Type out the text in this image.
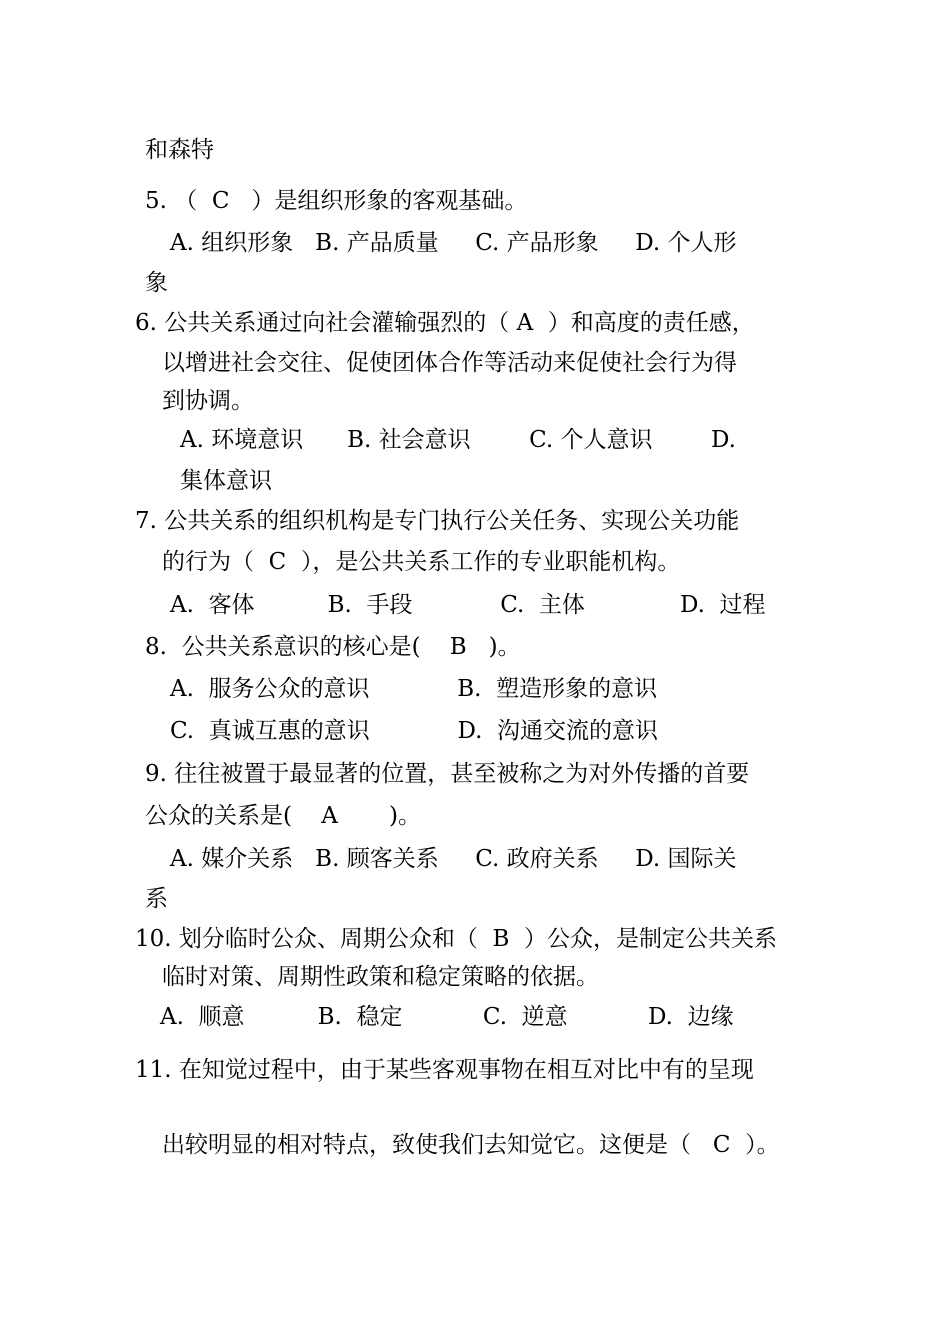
和森特
5. （  C   ）是组织形象的客观基础。
A. 组织形象   B. 产品质量     C. 产品形象     D. 个人形
象
6. 公共关系通过向社会灌输强烈的（ A  ）和高度的责任感，
以增进社会交往、促使团体合作等活动来促使社会行为得
到协调。
A. 环境意识      B. 社会意识        C. 个人意识        D.
集体意识
7. 公共关系的组织机构是专门执行公关任务、实现公关功能
的行为（  C  ），是公共关系工作的专业职能机构。
A.  客体          B.  手段            C.  主体             D.  过程
8.  公共关系意识的核心是(    B   )。
A.  服务公众的意识            B.  塑造形象的意识
C.  真诚互惠的意识            D.  沟通交流的意识
9. 往往被置于最显著的位置，甚至被称之为对外传播的首要
公众的关系是(    A       )。
A. 媒介关系   B. 顾客关系     C. 政府关系     D. 国际关
系
10. 划分临时公众、周期公众和（  B  ）公众，是制定公共关系
临时对策、周期性政策和稳定策略的依据。
A.  顺意          B.  稳定           C.  逆意           D.  边缘
11. 在知觉过程中，由于某些客观事物在相互对比中有的呈现
出较明显的相对特点，致使我们去知觉它。这便是（   C  ）。
